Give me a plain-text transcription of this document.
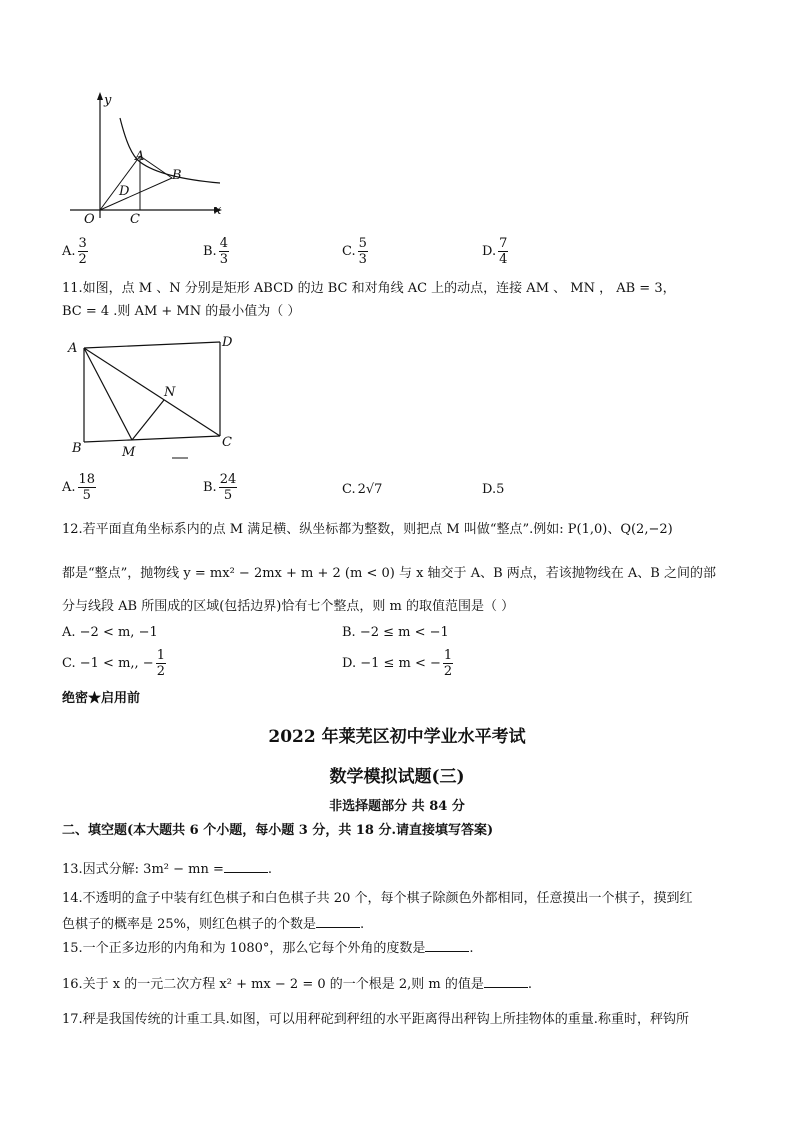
y
x
O
A
B
C
D
A. $\frac{3}{2}$	B. $\frac{4}{3}$	C. $\frac{5}{3}$	D. $\frac{7}{4}$
11.如图，点 M 、N 分别是矩形 ABCD 的边 BC 和对角线 AC 上的动点，连接 AM 、 MN ， AB = 3，
BC = 4 .则 AM + MN 的最小值为（ ）
A	D
N
B	M
C
A. $\frac{18}{5}$	B. $\frac{24}{5}$	C. 2√7	D. 5
12.若平面直角坐标系内的点 M 满足横、纵坐标都为整数，则把点 M 叫做“整点”.例如: P(1,0)、Q(2,−2)
都是“整点”，抛物线 y = mx² − 2mx + m + 2 (m < 0) 与 x 轴交于 A、B 两点，若该抛物线在 A、B 之间的部
分与线段 AB 所围成的区域(包括边界)恰有七个整点，则 m 的取值范围是（ ）
A. −2 < m, −1	B. −2 ≤ m < −1
C. −1 < m,, − $\frac{1}{2}$	D. −1 ≤ m < − $\frac{1}{2}$
绝密★启用前
2022 年莱芜区初中学业水平考试
数学模拟试题(三)
非选择题部分 共 84 分
二、填空题(本大题共 6 个小题，每小题 3 分，共 18 分.请直接填写答案)
13.因式分解: 3m² − mn =	.
14.不透明的盒子中装有红色棋子和白色棋子共 20 个，每个棋子除颜色外都相同，任意摸出一个棋子，摸到红
色棋子的概率是 25%，则红色棋子的个数是	.
15.一个正多边形的内角和为 1080°，那么它每个外角的度数是	.
16.关于 x 的一元二次方程 x² + mx − 2 = 0 的一个根是 2,则 m 的值是	.
17.秤是我国传统的计重工具.如图，可以用秤砣到秤纽的水平距离得出秤钩上所挂物体的重量.称重时，秤钩所
